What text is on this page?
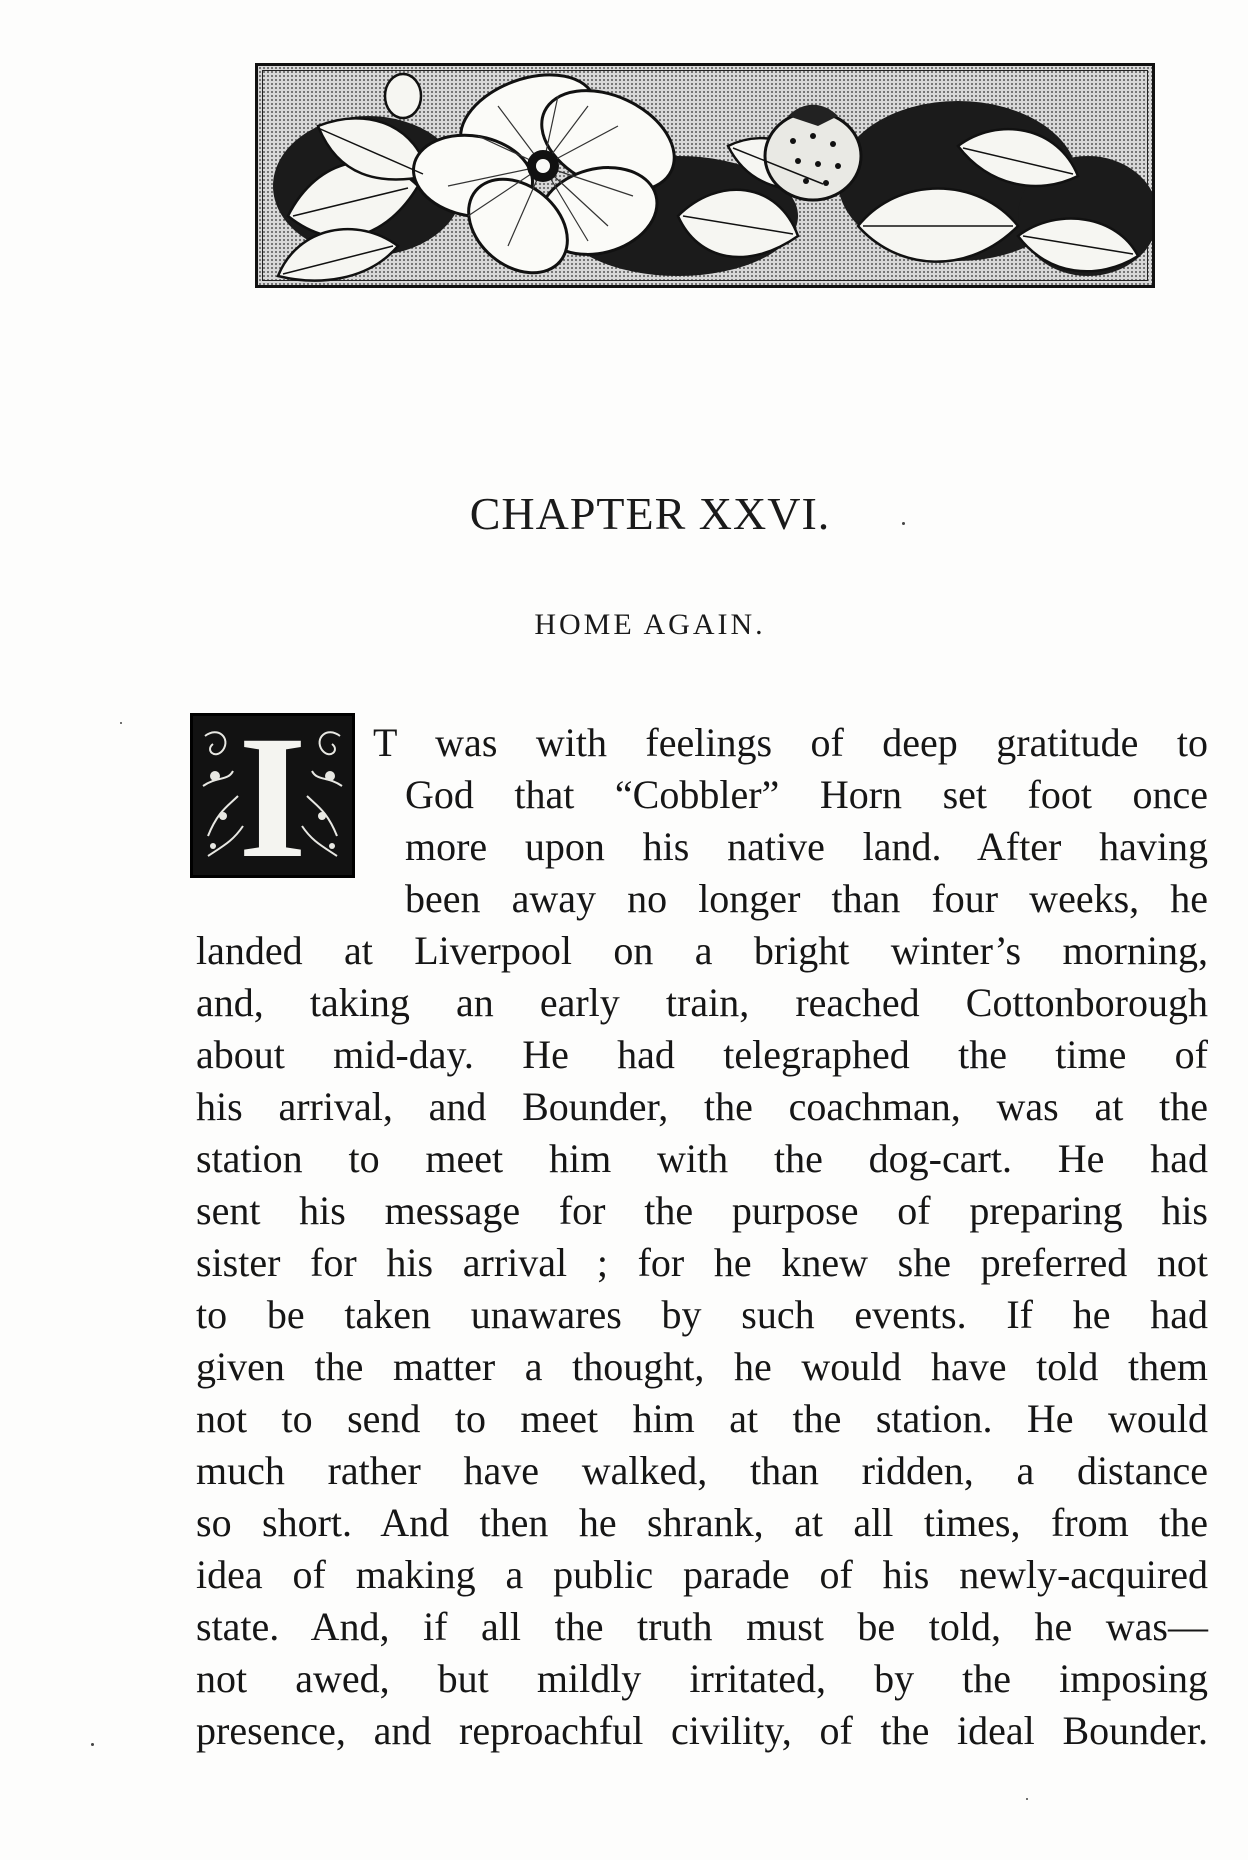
CHAPTER XXVI.
HOME AGAIN.
I	T was with feelings of deep gratitude to
God that “Cobbler” Horn set foot once
more upon his native land. After having
been away no longer than four weeks, he
landed at Liverpool on a bright winter’s morning,
and, taking an early train, reached Cottonborough
about mid-day. He had telegraphed the time of
his arrival, and Bounder, the coachman, was at the
station to meet him with the dog-cart. He had
sent his message for the purpose of preparing his
sister for his arrival ; for he knew she preferred not
to be taken unawares by such events. If he had
given the matter a thought, he would have told them
not to send to meet him at the station. He would
much rather have walked, than ridden, a distance
so short. And then he shrank, at all times, from the
idea of making a public parade of his newly-acquired
state. And, if all the truth must be told, he was—
not awed, but mildly irritated, by the imposing
presence, and reproachful civility, of the ideal Bounder.
